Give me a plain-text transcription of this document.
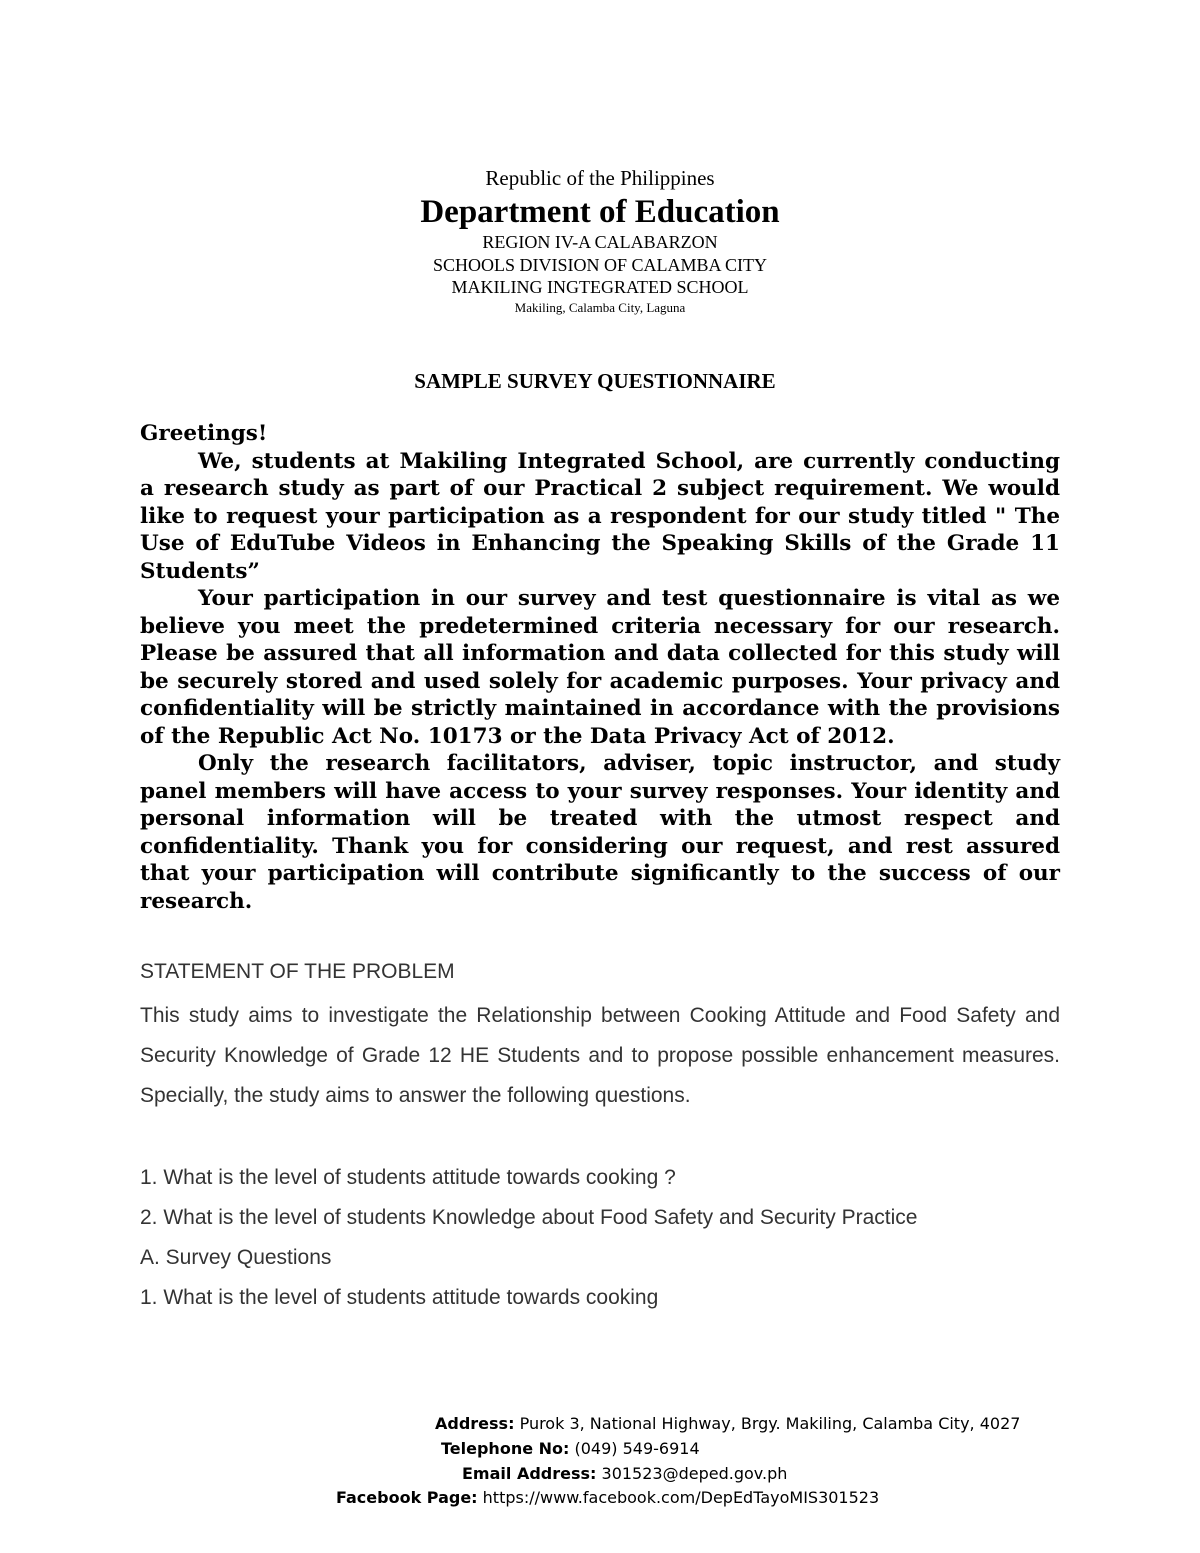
Republic of the Philippines
Department of Education
REGION IV-A CALABARZON
SCHOOLS DIVISION OF CALAMBA CITY
MAKILING INGTEGRATED SCHOOL
Makiling, Calamba City, Laguna
SAMPLE SURVEY QUESTIONNAIRE

Greetings!

We, students at Makiling Integrated School, are currently conducting a research study as part of our Practical 2 subject requirement. We would like to request your participation as a respondent for our study titled " The Use of EduTube Videos in Enhancing the Speaking Skills of the Grade 11 Students”

Your participation in our survey and test questionnaire is vital as we believe you meet the predetermined criteria necessary for our research. Please be assured that all information and data collected for this study will be securely stored and used solely for academic purposes. Your privacy and confidentiality will be strictly maintained in accordance with the provisions of the Republic Act No. 10173 or the Data Privacy Act of 2012.

Only the research facilitators, adviser, topic instructor, and study panel members will have access to your survey responses. Your identity and personal information will be treated with the utmost respect and confidentiality. Thank you for considering our request, and rest assured that your participation will contribute significantly to the success of our research.

STATEMENT OF THE PROBLEM
This study aims to investigate the Relationship between Cooking Attitude and Food Safety and Security Knowledge of Grade 12 HE Students and to propose possible enhancement measures. Specially, the study aims to answer the following questions.
1. What is the level of students attitude towards cooking ?
2. What is the level of students Knowledge about Food Safety and Security Practice
A. Survey Questions
1. What is the level of students attitude towards cooking
Address: Purok 3, National Highway, Brgy. Makiling, Calamba City, 4027
Telephone No: (049) 549-6914
Email Address: 301523@deped.gov.ph
Facebook Page: https://www.facebook.com/DepEdTayoMIS301523
